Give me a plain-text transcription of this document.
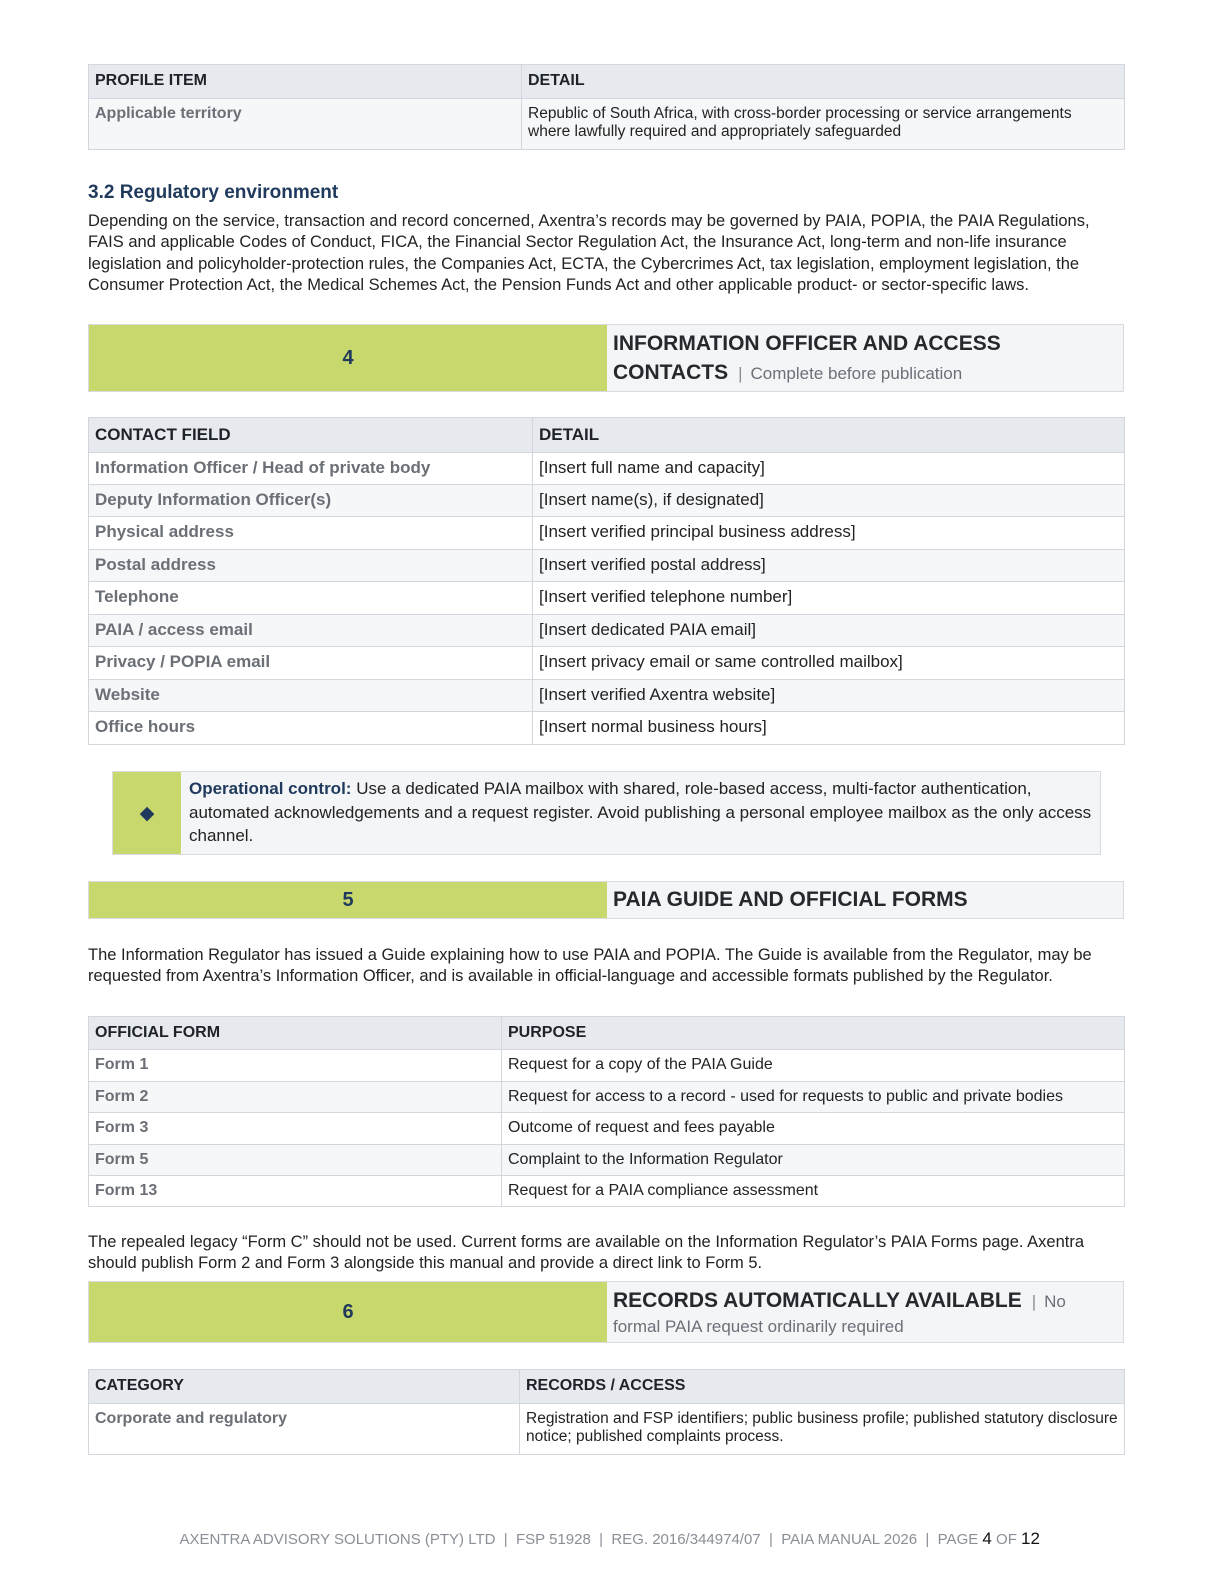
PROFILE ITEM	DETAIL
Applicable territory	Republic of South Africa, with cross-border processing or service arrangements where lawfully required and appropriately safeguarded
3.2 Regulatory environment

Depending on the service, transaction and record concerned, Axentra’s records may be governed by PAIA, POPIA, the PAIA Regulations, FAIS and applicable Codes of Conduct, FICA, the Financial Sector Regulation Act, the Insurance Act, long-term and non-life insurance legislation and policyholder-protection rules, the Companies Act, ECTA, the Cybercrimes Act, tax legislation, employment legislation, the Consumer Protection Act, the Medical Schemes Act, the Pension Funds Act and other applicable product- or sector-specific laws.

4
INFORMATION OFFICER AND ACCESS
CONTACTS | Complete before publication
CONTACT FIELD	DETAIL
Information Officer / Head of private body	[Insert full name and capacity]
Deputy Information Officer(s)	[Insert name(s), if designated]
Physical address	[Insert verified principal business address]
Postal address	[Insert verified postal address]
Telephone	[Insert verified telephone number]
PAIA / access email	[Insert dedicated PAIA email]
Privacy / POPIA email	[Insert privacy email or same controlled mailbox]
Website	[Insert verified Axentra website]
Office hours	[Insert normal business hours]
◆
Operational control: Use a dedicated PAIA mailbox with shared, role-based access, multi-factor authentication, automated acknowledgements and a request register. Avoid publishing a personal employee mailbox as the only access channel.
5	PAIA GUIDE AND OFFICIAL FORMS

The Information Regulator has issued a Guide explaining how to use PAIA and POPIA. The Guide is available from the Regulator, may be requested from Axentra’s Information Officer, and is available in official-language and accessible formats published by the Regulator.

OFFICIAL FORM	PURPOSE
Form 1	Request for a copy of the PAIA Guide
Form 2	Request for access to a record - used for requests to public and private bodies
Form 3	Outcome of request and fees payable
Form 5	Complaint to the Information Regulator
Form 13	Request for a PAIA compliance assessment

The repealed legacy “Form C” should not be used. Current forms are available on the Information Regulator’s PAIA Forms page. Axentra should publish Form 2 and Form 3 alongside this manual and provide a direct link to Form 5.

6	RECORDS AUTOMATICALLY AVAILABLE | No
formal PAIA request ordinarily required
CATEGORY	RECORDS / ACCESS
Corporate and regulatory	Registration and FSP identifiers; public business profile; published statutory disclosure notice; published complaints process.

AXENTRA ADVISORY SOLUTIONS (PTY) LTD  |  FSP 51928  |  REG. 2016/344974/07  |  PAIA MANUAL 2026  |  PAGE 4 OF 12
